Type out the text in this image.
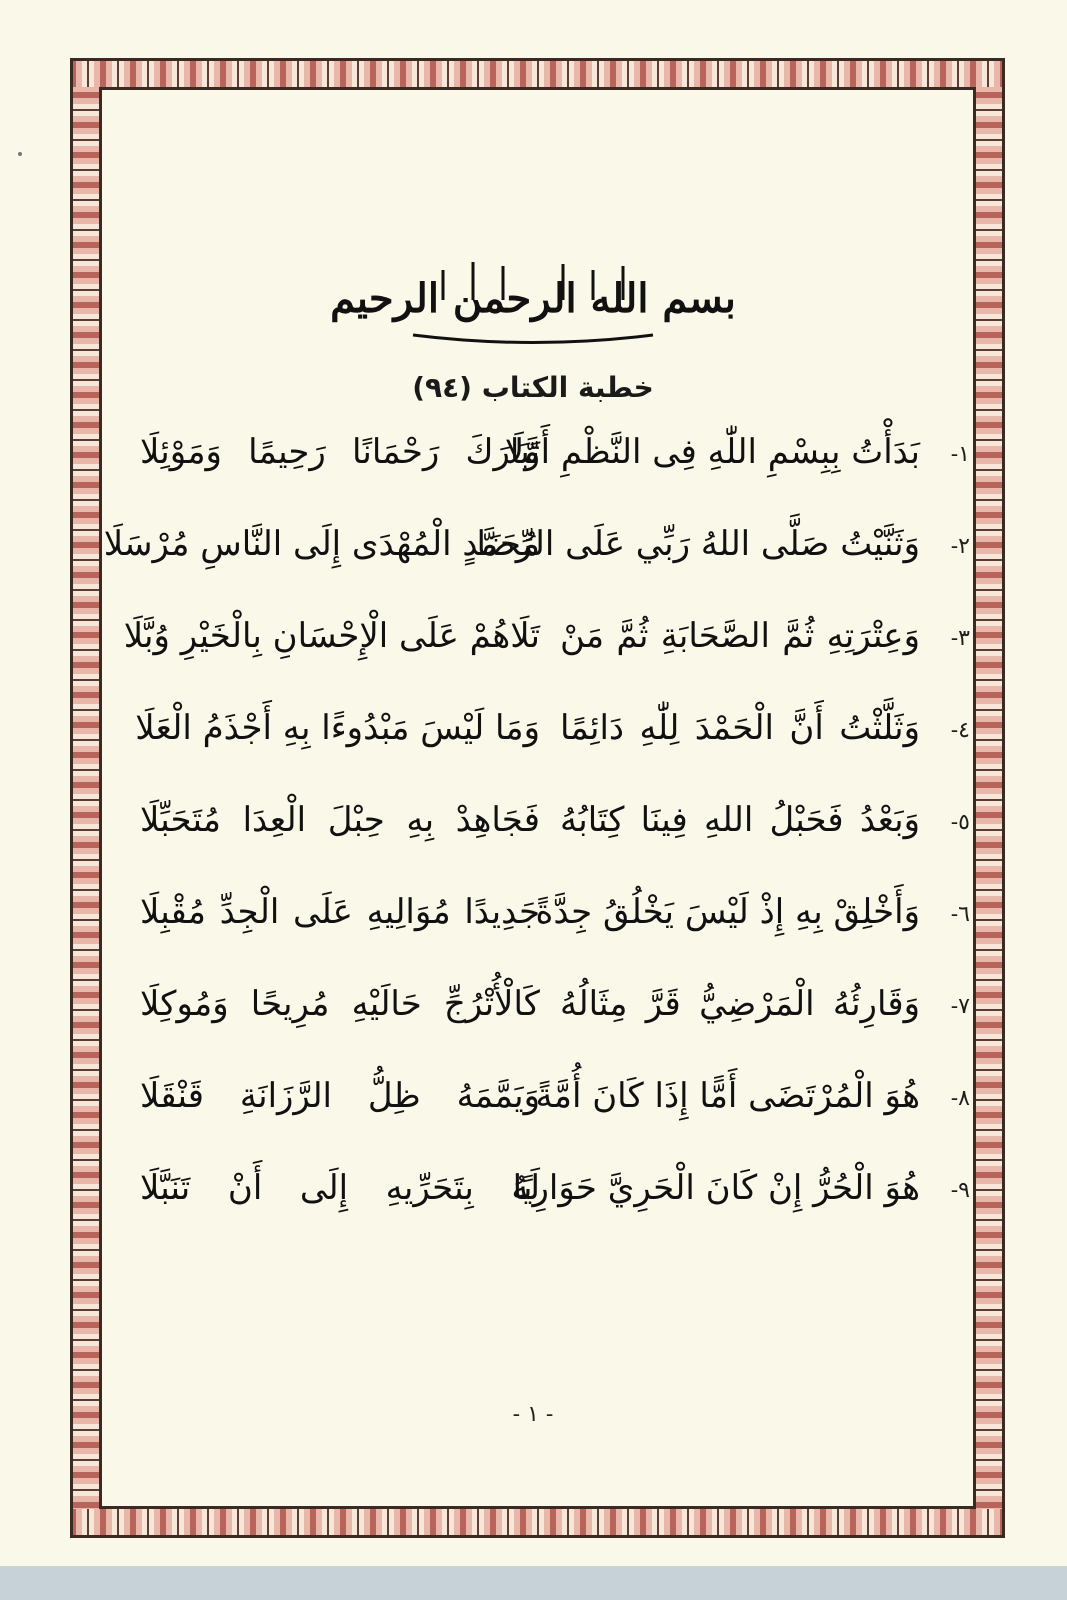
بسم الله الرحمن الرحيم
خطبة الكتاب (٩٤)
١-
بَدَأْتُ بِبِسْمِ اللّٰهِ فِى النَّظْمِ أَوَّلَا
تَبَارَكَ رَحْمَانًا رَحِيمًا وَمَوْئِلَا
٢-
وَثَنَّيْتُ صَلَّى اللهُ رَبِّي عَلَى الرِّضَا
مُحَمَّدٍ الْمُهْدَى إِلَى النَّاسِ مُرْسَلَا
٣-
وَعِتْرَتِهِ ثُمَّ الصَّحَابَةِ ثُمَّ مَنْ
تَلَاهُمْ عَلَى الْإِحْسَانِ بِالْخَيْرِ وُبَّلَا
٤-
وَثَلَّثْتُ أَنَّ الْحَمْدَ لِلّٰهِ دَائِمًا
وَمَا لَيْسَ مَبْدُوءًا بِهِ أَجْذَمُ الْعَلَا
٥-
وَبَعْدُ فَحَبْلُ اللهِ فِينَا كِتَابُهُ
فَجَاهِدْ بِهِ حِبْلَ الْعِدَا مُتَحَبِّلَا
٦-
وَأَخْلِقْ بِهِ إِذْ لَيْسَ يَخْلُقُ جِدَّةً
جَدِيدًا مُوَالِيهِ عَلَى الْجِدِّ مُقْبِلَا
٧-
وَقَارِئُهُ الْمَرْضِيُّ قَرَّ مِثَالُهُ
كَالْأُتْرُجِّ حَالَيْهِ مُرِيحًا وَمُوكِلَا
٨-
هُوَ الْمُرْتَضَى أَمًّا إِذَا كَانَ أُمَّةً
وَيَمَّمَهُ ظِلُّ الرَّزَانَةِ قَنْقَلَا
٩-
هُوَ الْحُرُّ إِنْ كَانَ الْحَرِيَّ حَوَارِيًا
لَهُ بِتَحَرِّيهِ إِلَى أَنْ تَنَبَّلَا
- ١ -
